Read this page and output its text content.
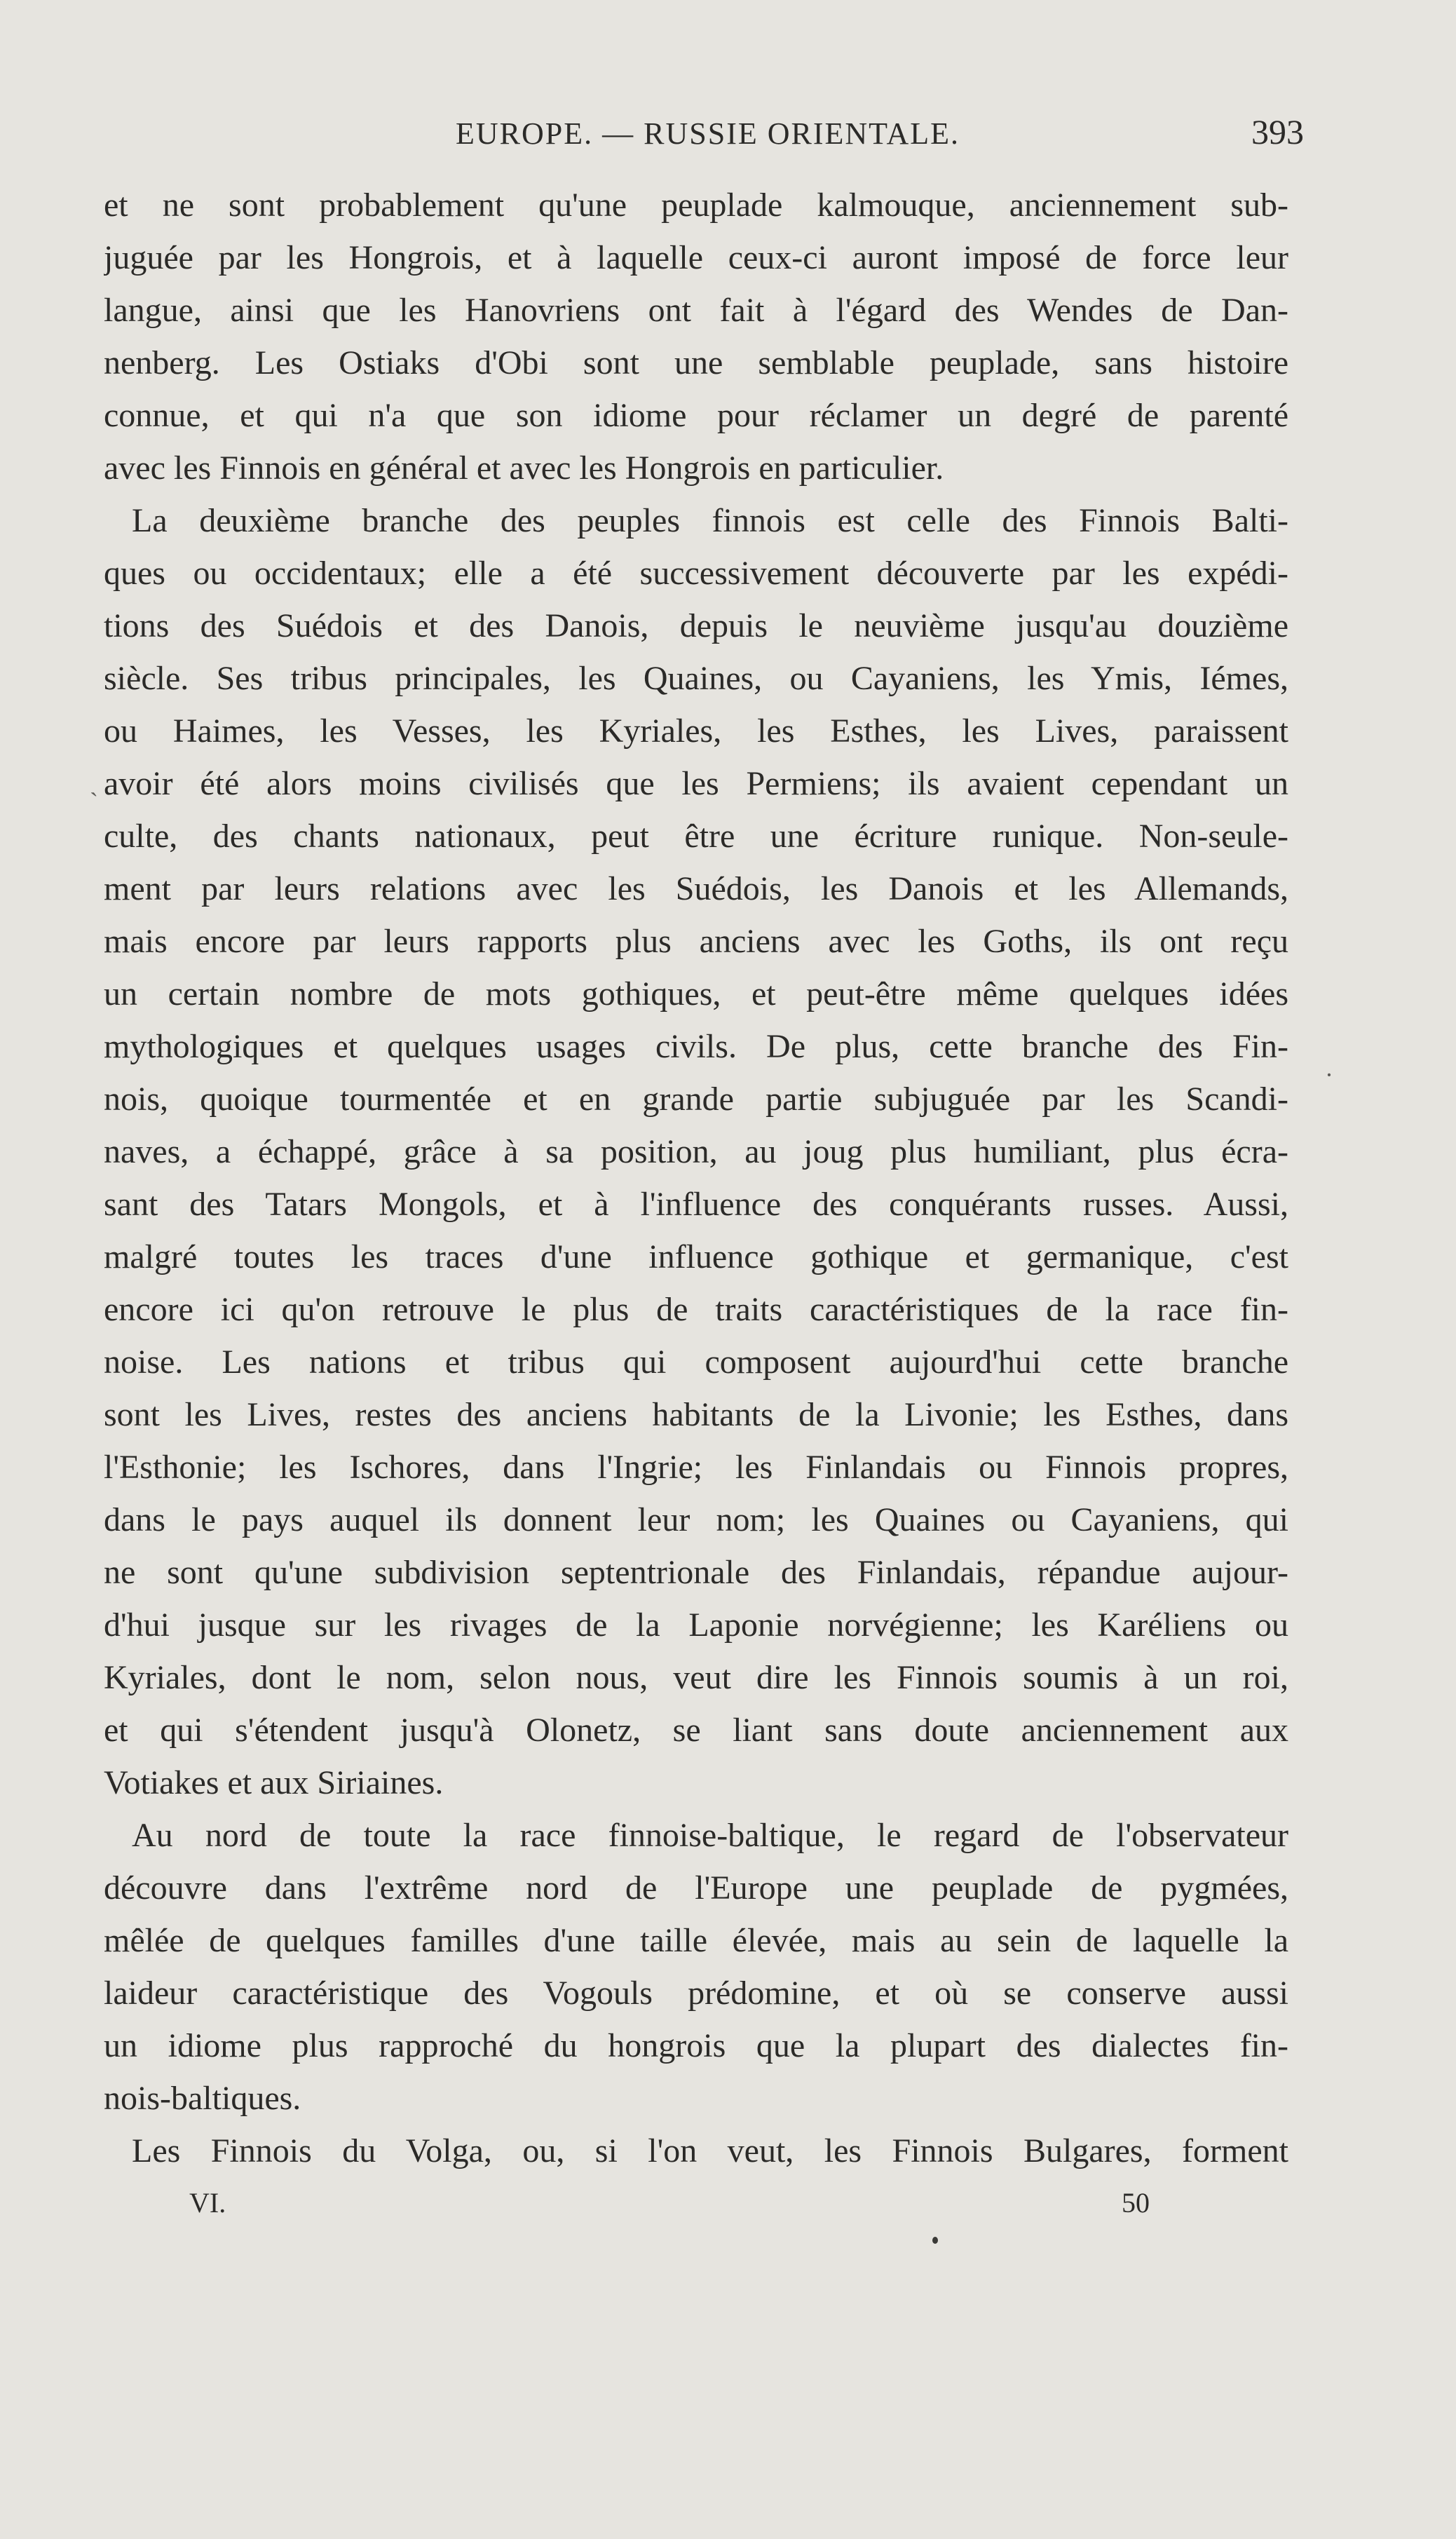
EUROPE. — RUSSIE ORIENTALE.	393
`
·
et ne sont probablement qu'une peuplade kalmouque, anciennement sub-
juguée par les Hongrois, et à laquelle ceux-ci auront imposé de force leur
langue, ainsi que les Hanovriens ont fait à l'égard des Wendes de Dan-
nenberg. Les Ostiaks d'Obi sont une semblable peuplade, sans histoire
connue, et qui n'a que son idiome pour réclamer un degré de parenté
avec les Finnois en général et avec les Hongrois en particulier.
La deuxième branche des peuples finnois est celle des Finnois Balti-
ques ou occidentaux; elle a été successivement découverte par les expédi-
tions des Suédois et des Danois, depuis le neuvième jusqu'au douzième
siècle. Ses tribus principales, les Quaines, ou Cayaniens, les Ymis, Iémes,
ou Haimes, les Vesses, les Kyriales, les Esthes, les Lives, paraissent
avoir été alors moins civilisés que les Permiens; ils avaient cependant un
culte, des chants nationaux, peut être une écriture runique. Non-seule-
ment par leurs relations avec les Suédois, les Danois et les Allemands,
mais encore par leurs rapports plus anciens avec les Goths, ils ont reçu
un certain nombre de mots gothiques, et peut-être même quelques idées
mythologiques et quelques usages civils. De plus, cette branche des Fin-
nois, quoique tourmentée et en grande partie subjuguée par les Scandi-
naves, a échappé, grâce à sa position, au joug plus humiliant, plus écra-
sant des Tatars Mongols, et à l'influence des conquérants russes. Aussi,
malgré toutes les traces d'une influence gothique et germanique, c'est
encore ici qu'on retrouve le plus de traits caractéristiques de la race fin-
noise. Les nations et tribus qui composent aujourd'hui cette branche
sont les Lives, restes des anciens habitants de la Livonie; les Esthes, dans
l'Esthonie; les Ischores, dans l'Ingrie; les Finlandais ou Finnois propres,
dans le pays auquel ils donnent leur nom; les Quaines ou Cayaniens, qui
ne sont qu'une subdivision septentrionale des Finlandais, répandue aujour-
d'hui jusque sur les rivages de la Laponie norvégienne; les Karéliens ou
Kyriales, dont le nom, selon nous, veut dire les Finnois soumis à un roi,
et qui s'étendent jusqu'à Olonetz, se liant sans doute anciennement aux
Votiakes et aux Siriaines.
Au nord de toute la race finnoise-baltique, le regard de l'observateur
découvre dans l'extrême nord de l'Europe une peuplade de pygmées,
mêlée de quelques familles d'une taille élevée, mais au sein de laquelle la
laideur caractéristique des Vogouls prédomine, et où se conserve aussi
un idiome plus rapproché du hongrois que la plupart des dialectes fin-
nois-baltiques.
Les Finnois du Volga, ou, si l'on veut, les Finnois Bulgares, forment
VI.	50
